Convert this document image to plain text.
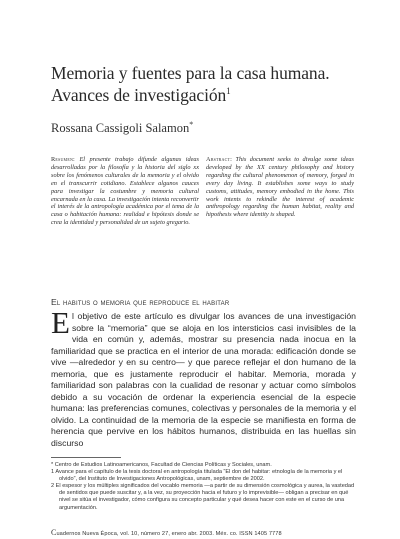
Memoria y fuentes para la casa humana.
Avances de investigación$^1$
Rossana Cassigoli Salamon*
Resumen: El presente trabajo difunde algunas ideas desarrolladas por la filosofía y la historia del siglo xx sobre los fenómenos culturales de la memoria y el olvido en el transcurrir cotidiano. Establece algunos cauces para investigar la costumbre y memoria cultural encarnada en la casa. La investigación intenta reconvertir el interés de la antropología académica por el tema de la casa o habitación humana: realidad e hipótesis donde se crea la identidad y personalidad de un sujeto gregario.
Abstract: This document seeks to divulge some ideas developed by the XX century philosophy and history regarding the cultural phenomenon of memory, forged in every day living. It establishes some ways to study customs, attitudes, memory embodied in the home. This work intents to rekindle the interest of academic anthropology regarding the human habitat, reality and hipothesis where identity is shaped.
El habitus o memoria que reproduce el habitar
E l objetivo de este artículo es divulgar los avances de una investigación sobre la “memoria” que se aloja en los intersticios casi invisibles de la vida en común y, además, mostrar su presencia nada inocua en la familiaridad que se practica en el interior de una morada: edificación donde se vive —alrededor y en su centro— y que parece reflejar el don humano de la memoria, que es justamente reproducir el habitar. Memoria, morada y familiaridad son palabras con la cualidad de resonar y actuar como símbolos debido a su vocación de ordenar la experiencia esencial de la especie humana: las preferencias comunes, colectivas y personales de la memoria y el olvido. La continuidad de la memoria de la especie se manifiesta en forma de herencia que pervive en los hábitos humanos, distribuida en las huellas sin discurso

* Centro de Estudios Latinoamericanos, Facultad de Ciencias Políticas y Sociales, unam.

1 Avance para el capítulo de la tesis doctoral en antropología titulada “El don del habitar: etnología de la memoria y el olvido”, del Instituto de Investigaciones Antropológicas, unam, septiembre de 2002.

2 El espesor y los múltiples significados del vocablo memoria —a partir de su dimensión cosmológica y aurea, la vastedad de sentidos que puede suscitar y, a la vez, su proyección hacia el futuro y lo imprevisible— obligan a precisar en qué nivel se sitúa el investigador, cómo configura su concepto particular y qué desea hacer con este en el curso de una argumentación.

Cuadernos Nueva Época, vol. 10, número 27, enero abr. 2003. Méx. co. ISSN 1405 7778
